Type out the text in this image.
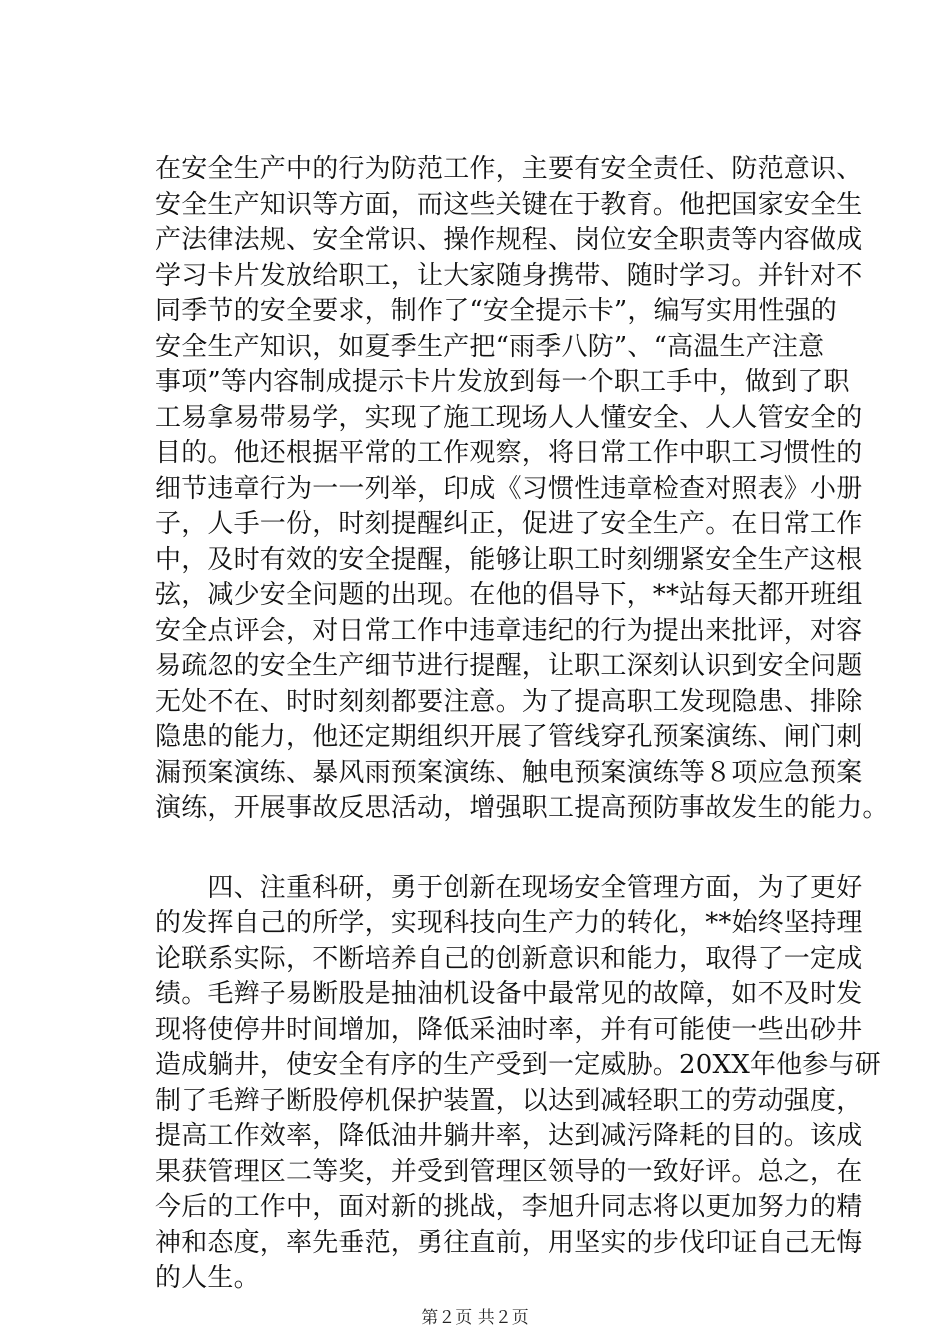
在安全生产中的行为防范工作，主要有安全责任、防范意识、
安全生产知识等方面，而这些关键在于教育。他把国家安全生
产法律法规、安全常识、操作规程、岗位安全职责等内容做成
学习卡片发放给职工，让大家随身携带、随时学习。并针对不
同季节的安全要求，制作了“安全提示卡”，编写实用性强的
安全生产知识，如夏季生产把“雨季八防”、“高温生产注意
事项”等内容制成提示卡片发放到每一个职工手中，做到了职
工易拿易带易学，实现了施工现场人人懂安全、人人管安全的
目的。他还根据平常的工作观察，将日常工作中职工习惯性的
细节违章行为一一列举，印成《习惯性违章检查对照表》小册
子，人手一份，时刻提醒纠正，促进了安全生产。在日常工作
中，及时有效的安全提醒，能够让职工时刻绷紧安全生产这根
弦，减少安全问题的出现。在他的倡导下，**站每天都开班组
安全点评会，对日常工作中违章违纪的行为提出来批评，对容
易疏忽的安全生产细节进行提醒，让职工深刻认识到安全问题
无处不在、时时刻刻都要注意。为了提高职工发现隐患、排除
隐患的能力，他还定期组织开展了管线穿孔预案演练、闸门刺
漏预案演练、暴风雨预案演练、触电预案演练等８项应急预案
演练，开展事故反思活动，增强职工提高预防事故发生的能力。
　　四、注重科研，勇于创新在现场安全管理方面，为了更好
的发挥自己的所学，实现科技向生产力的转化，**始终坚持理
论联系实际，不断培养自己的创新意识和能力，取得了一定成
绩。毛辫子易断股是抽油机设备中最常见的故障，如不及时发
现将使停井时间增加，降低采油时率，并有可能使一些出砂井
造成躺井，使安全有序的生产受到一定威胁。20XX年他参与研
制了毛辫子断股停机保护装置，以达到减轻职工的劳动强度，
提高工作效率，降低油井躺井率，达到减污降耗的目的。该成
果获管理区二等奖，并受到管理区领导的一致好评。总之，在
今后的工作中，面对新的挑战，李旭升同志将以更加努力的精
神和态度，率先垂范，勇往直前，用坚实的步伐印证自己无悔
的人生。
第２页 共２页
